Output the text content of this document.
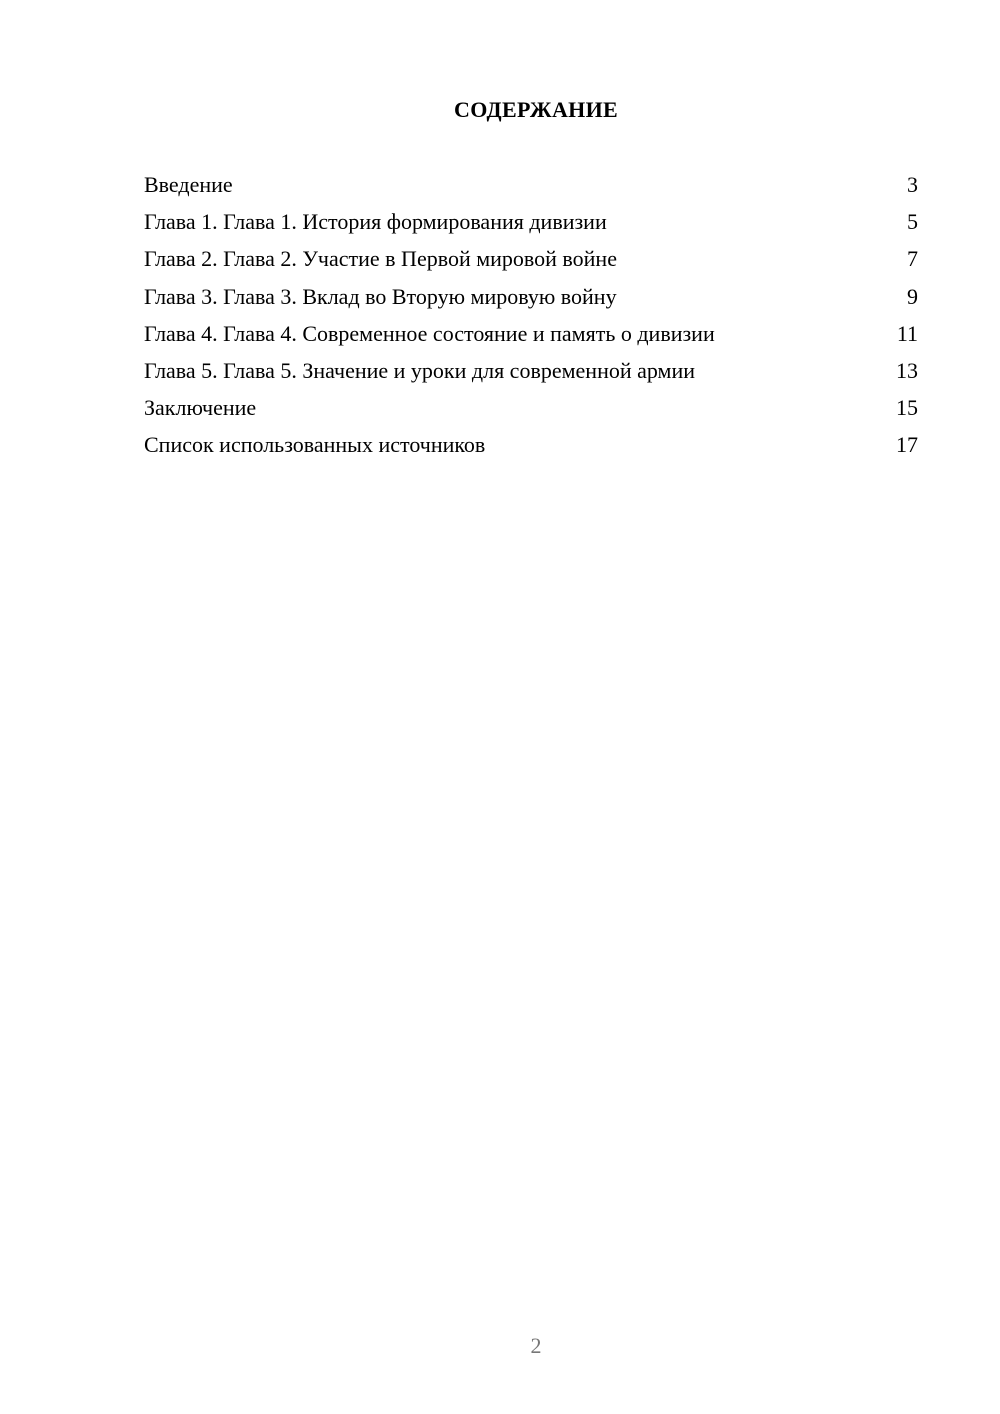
СОДЕРЖАНИЕ
Введение	3
Глава 1. Глава 1. История формирования дивизии	5
Глава 2. Глава 2. Участие в Первой мировой войне	7
Глава 3. Глава 3. Вклад во Вторую мировую войну	9
Глава 4. Глава 4. Современное состояние и память о дивизии	11
Глава 5. Глава 5. Значение и уроки для современной армии	13
Заключение	15
Список использованных источников	17
2
